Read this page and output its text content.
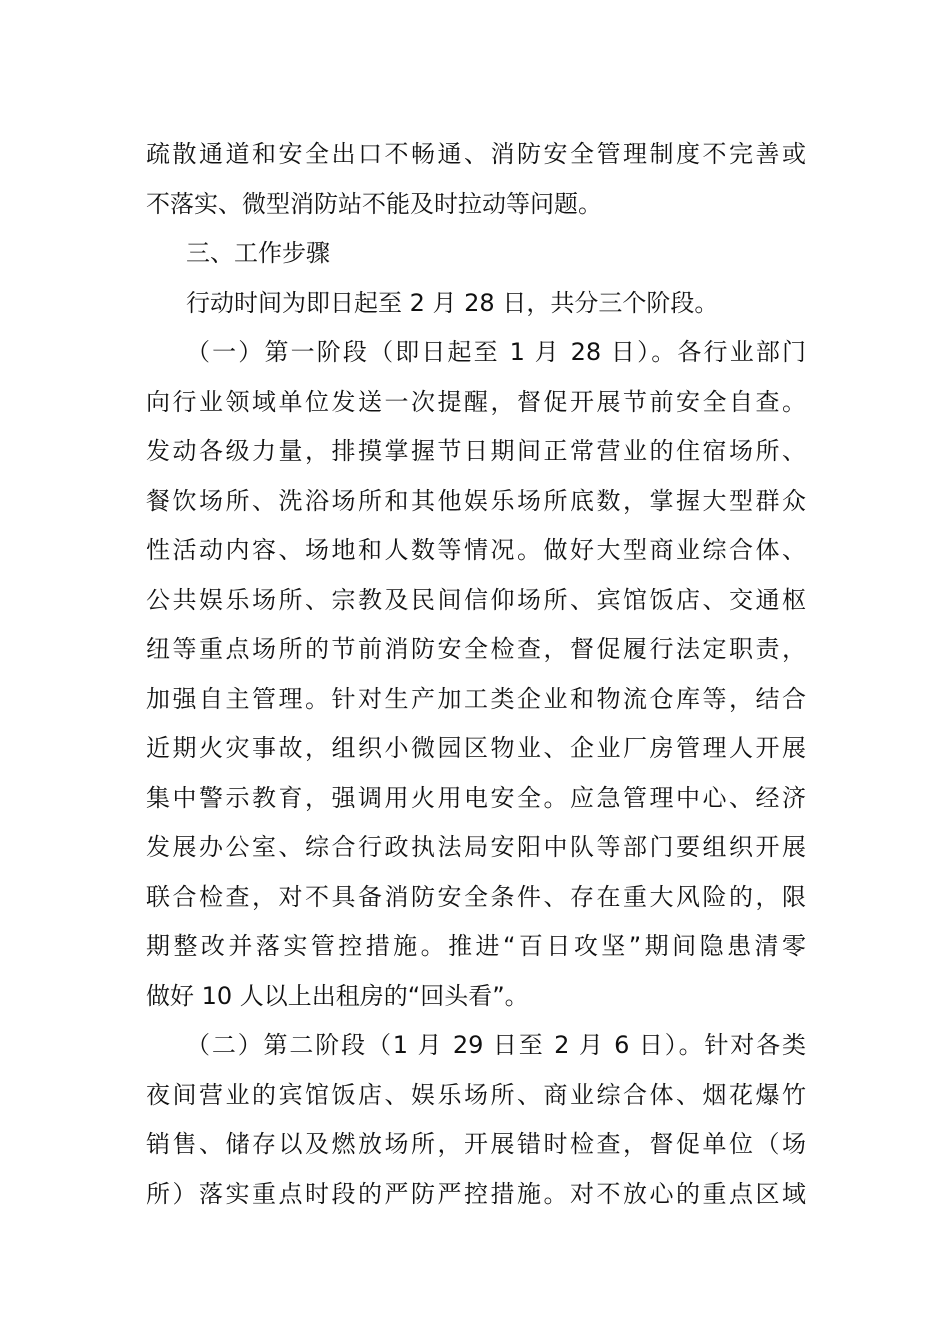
疏散通道和安全出口不畅通、消防安全管理制度不完善或
不落实、微型消防站不能及时拉动等问题。
三、工作步骤
行动时间为即日起至 2 月 28 日，共分三个阶段。
（一）第一阶段（即日起至 1 月 28 日）。各行业部门
向行业领域单位发送一次提醒，督促开展节前安全自查。
发动各级力量，排摸掌握节日期间正常营业的住宿场所、
餐饮场所、洗浴场所和其他娱乐场所底数，掌握大型群众
性活动内容、场地和人数等情况。做好大型商业综合体、
公共娱乐场所、宗教及民间信仰场所、宾馆饭店、交通枢
纽等重点场所的节前消防安全检查，督促履行法定职责，
加强自主管理。针对生产加工类企业和物流仓库等，结合
近期火灾事故，组织小微园区物业、企业厂房管理人开展
集中警示教育，强调用火用电安全。应急管理中心、经济
发展办公室、综合行政执法局安阳中队等部门要组织开展
联合检查，对不具备消防安全条件、存在重大风险的，限
期整改并落实管控措施。推进“百日攻坚”期间隐患清零
做好 10 人以上出租房的“回头看”。
（二）第二阶段（1 月 29 日至 2 月 6 日）。针对各类
夜间营业的宾馆饭店、娱乐场所、商业综合体、烟花爆竹
销售、储存以及燃放场所，开展错时检查，督促单位（场
所）落实重点时段的严防严控措施。对不放心的重点区域
